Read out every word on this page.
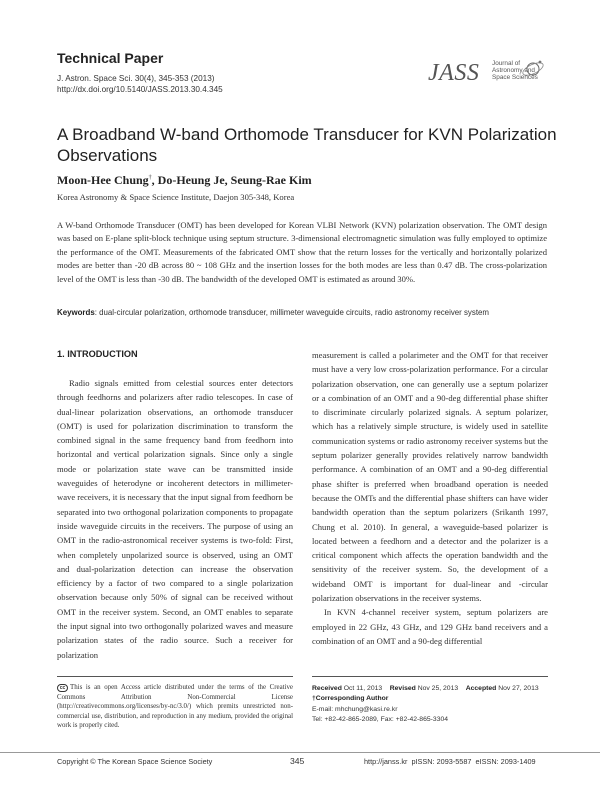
Technical Paper
J. Astron. Space Sci. 30(4), 345-353 (2013)
http://dx.doi.org/10.5140/JASS.2013.30.4.345
JASS Journal of
Astronomy and
Space Sciences
A Broadband W-band Orthomode Transducer for KVN Polarization Observations
Moon-Hee Chung†, Do-Heung Je, Seung-Rae Kim
Korea Astronomy & Space Science Institute, Daejon 305-348, Korea
A W-band Orthomode Transducer (OMT) has been developed for Korean VLBI Network (KVN) polarization observation. The OMT design was based on E-plane split-block technique using septum structure. 3-dimensional electromagnetic simulation was fully employed to optimize the performance of the OMT. Measurements of the fabricated OMT show that the return losses for the vertically and horizontally polarized modes are better than -20 dB across 80 ~ 108 GHz and the insertion losses for the both modes are less than 0.47 dB. The cross-polarization level of the OMT is less than -30 dB. The bandwidth of the developed OMT is estimated as around 30%.
Keywords: dual-circular polarization, orthomode transducer, millimeter waveguide circuits, radio astronomy receiver system
1. INTRODUCTION

Radio signals emitted from celestial sources enter detectors through feedhorns and polarizers after radio telescopes. In case of dual-linear polarization observations, an orthomode transducer (OMT) is used for polarization discrimination to transform the combined signal in the same frequency band from feedhorn into horizontal and vertical polarization signals. Since only a single mode or polarization state wave can be transmitted inside waveguides of heterodyne or incoherent detectors in millimeter-wave receivers, it is necessary that the input signal from feedhorn be separated into two orthogonal polarization components to propagate inside waveguide circuits in the receivers. The purpose of using an OMT in the radio-astronomical receiver systems is two-fold: First, when completely unpolarized source is observed, using an OMT and dual-polarization detection can increase the observation efficiency by a factor of two compared to a single polarization observation because only 50% of signal can be received without OMT in the receiver system. Second, an OMT enables to separate the input signal into two orthogonally polarized waves and measure polarization states of the radio source. Such a receiver for polarization

measurement is called a polarimeter and the OMT for that receiver must have a very low cross-polarization performance. For a circular polarization observation, one can generally use a septum polarizer or a combination of an OMT and a 90-deg differential phase shifter to discriminate circularly polarized signals. A septum polarizer, which has a relatively simple structure, is widely used in satellite communication systems or radio astronomy receiver systems but the septum polarizer generally provides relatively narrow bandwidth performance. A combination of an OMT and a 90-deg differential phase shifter is preferred when broadband operation is needed because the OMTs and the differential phase shifters can have wider bandwidth operation than the septum polarizers (Srikanth 1997, Chung et al. 2010). In general, a waveguide-based polarizer is located between a feedhorn and a detector and the polarizer is a critical component which affects the operation bandwidth and the sensitivity of the receiver system. So, the development of a wideband OMT is important for dual-linear and -circular polarization observations in the receiver systems.

In KVN 4-channel receiver system, septum polarizers are employed in 22 GHz, 43 GHz, and 129 GHz band receivers and a combination of an OMT and a 90-deg differential

cc This is an open Access article distributed under the terms of the Creative Commons Attribution Non-Commercial License (http://creativecommons.org/licenses/by-nc/3.0/) which premits unrestricted non-commercial use, distribution, and reproduction in any medium, provided the original work is properly cited.
Received Oct 11, 2013 Revised Nov 25, 2013 Accepted Nov 27, 2013
†Corresponding Author
E-mail: mhchung@kasi.re.kr
Tel: +82-42-865-2089, Fax: +82-42-865-3304
Copyright © The Korean Space Science Society	345	http://janss.kr  pISSN: 2093-5587  eISSN: 2093-1409
